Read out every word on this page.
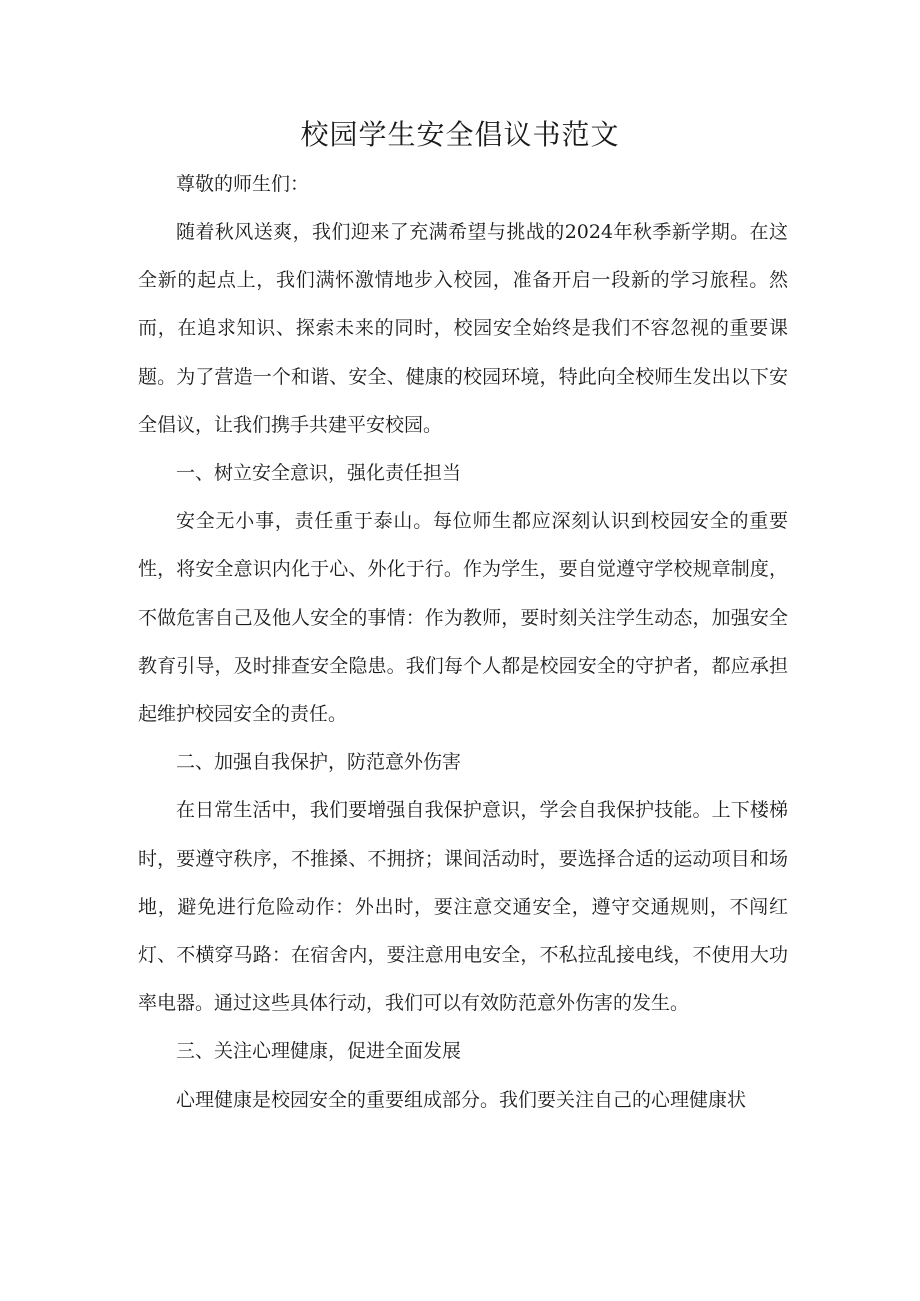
校园学生安全倡议书范文

尊敬的师生们：

随着秋风送爽，我们迎来了充满希望与挑战的2024年秋季新学期。在这全新的起点上，我们满怀激情地步入校园，准备开启一段新的学习旅程。然而，在追求知识、探索未来的同时，校园安全始终是我们不容忽视的重要课题。为了营造一个和谐、安全、健康的校园环境，特此向全校师生发出以下安全倡议，让我们携手共建平安校园。

一、树立安全意识，强化责任担当

安全无小事，责任重于泰山。每位师生都应深刻认识到校园安全的重要性，将安全意识内化于心、外化于行。作为学生，要自觉遵守学校规章制度，不做危害自己及他人安全的事情：作为教师，要时刻关注学生动态，加强安全教育引导，及时排查安全隐患。我们每个人都是校园安全的守护者，都应承担起维护校园安全的责任。

二、加强自我保护，防范意外伤害

在日常生活中，我们要增强自我保护意识，学会自我保护技能。上下楼梯时，要遵守秩序，不推搡、不拥挤；课间活动时，要选择合适的运动项目和场地，避免进行危险动作：外出时，要注意交通安全，遵守交通规则，不闯红灯、不横穿马路：在宿舍内，要注意用电安全，不私拉乱接电线，不使用大功率电器。通过这些具体行动，我们可以有效防范意外伤害的发生。

三、关注心理健康，促进全面发展

心理健康是校园安全的重要组成部分。我们要关注自己的心理健康状
